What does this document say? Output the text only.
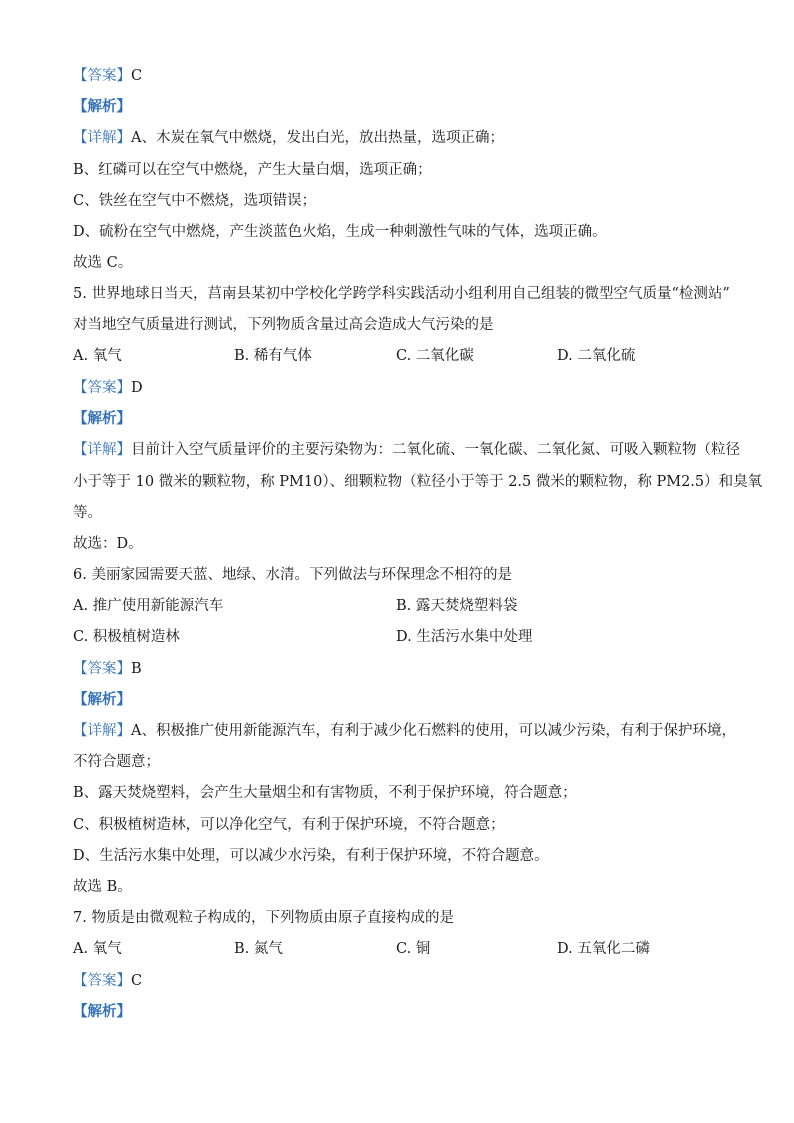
【答案】C
【解析】
【详解】A、木炭在氧气中燃烧，发出白光，放出热量，选项正确；
B、红磷可以在空气中燃烧，产生大量白烟，选项正确；
C、铁丝在空气中不燃烧，选项错误；
D、硫粉在空气中燃烧，产生淡蓝色火焰，生成一种刺激性气味的气体，选项正确。
故选 C。
5. 世界地球日当天，莒南县某初中学校化学跨学科实践活动小组利用自己组装的微型空气质量“检测站”
对当地空气质量进行测试，下列物质含量过高会造成大气污染的是
A. 氧气	B. 稀有气体	C. 二氧化碳	D. 二氧化硫
【答案】D
【解析】
【详解】目前计入空气质量评价的主要污染物为：二氧化硫、一氧化碳、二氧化氮、可吸入颗粒物（粒径
小于等于 10 微米的颗粒物，称 PM10）、细颗粒物（粒径小于等于 2.5 微米的颗粒物，称 PM2.5）和臭氧
等。
故选：D。
6. 美丽家园需要天蓝、地绿、水清。下列做法与环保理念不相符的是
A. 推广使用新能源汽车	B. 露天焚烧塑料袋
C. 积极植树造林	D. 生活污水集中处理
【答案】B
【解析】
【详解】A、积极推广使用新能源汽车，有利于减少化石燃料的使用，可以减少污染，有利于保护环境，
不符合题意；
B、露天焚烧塑料，会产生大量烟尘和有害物质，不利于保护环境，符合题意；
C、积极植树造林，可以净化空气，有利于保护环境，不符合题意；
D、生活污水集中处理，可以减少水污染，有利于保护环境，不符合题意。
故选 B。
7. 物质是由微观粒子构成的，下列物质由原子直接构成的是
A. 氧气	B. 氮气	C. 铜	D. 五氧化二磷
【答案】C
【解析】
